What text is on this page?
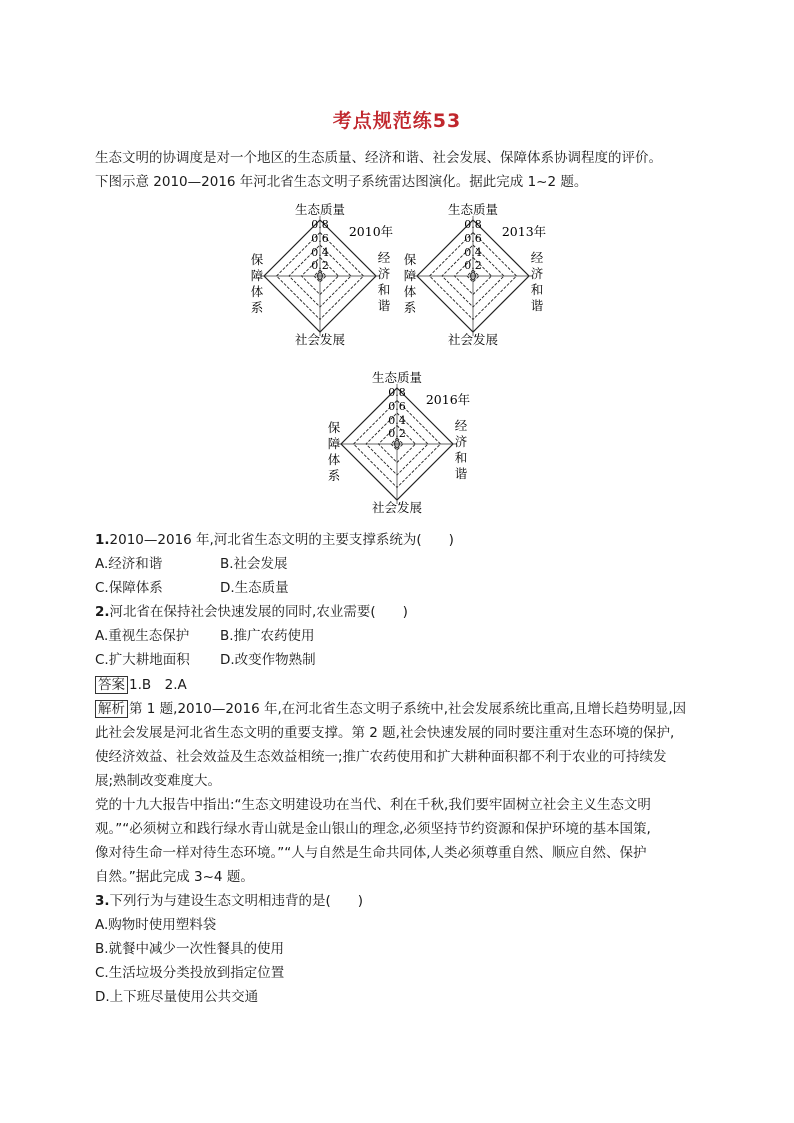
考点规范练53
生态文明的协调度是对一个地区的生态质量、经济和谐、社会发展、保障体系协调程度的评价。
下图示意 2010—2016 年河北省生态文明子系统雷达图演化。据此完成 1~2 题。
生态质量
社会发展
经
济
和
谐
保
障
体
系
0.8
0.6
0.4
0.2
0
2010年
生态质量
社会发展
经
济
和
谐
保
障
体
系
0.8
0.6
0.4
0.2
0
2013年
生态质量
社会发展
经
济
和
谐
保
障
体
系
0.8
0.6
0.4
0.2
0
2016年
1.2010—2016 年,河北省生态文明的主要支撑系统为(　　)
A.经济和谐	B.社会发展
C.保障体系	D.生态质量
2.河北省在保持社会快速发展的同时,农业需要(　　)
A.重视生态保护 B.推广农药使用
C.扩大耕地面积 D.改变作物熟制
答案 1.B　2.A
解析 第 1 题,2010—2016 年,在河北省生态文明子系统中,社会发展系统比重高,且增长趋势明显,因
此社会发展是河北省生态文明的重要支撑。第 2 题,社会快速发展的同时要注重对生态环境的保护,
使经济效益、社会效益及生态效益相统一;推广农药使用和扩大耕种面积都不利于农业的可持续发
展;熟制改变难度大。
党的十九大报告中指出:“生态文明建设功在当代、利在千秋,我们要牢固树立社会主义生态文明
观。”“必须树立和践行绿水青山就是金山银山的理念,必须坚持节约资源和保护环境的基本国策,
像对待生命一样对待生态环境。”“人与自然是生命共同体,人类必须尊重自然、顺应自然、保护
自然。”据此完成 3~4 题。
3.下列行为与建设生态文明相违背的是(　　)
A.购物时使用塑料袋
B.就餐中减少一次性餐具的使用
C.生活垃圾分类投放到指定位置
D.上下班尽量使用公共交通
